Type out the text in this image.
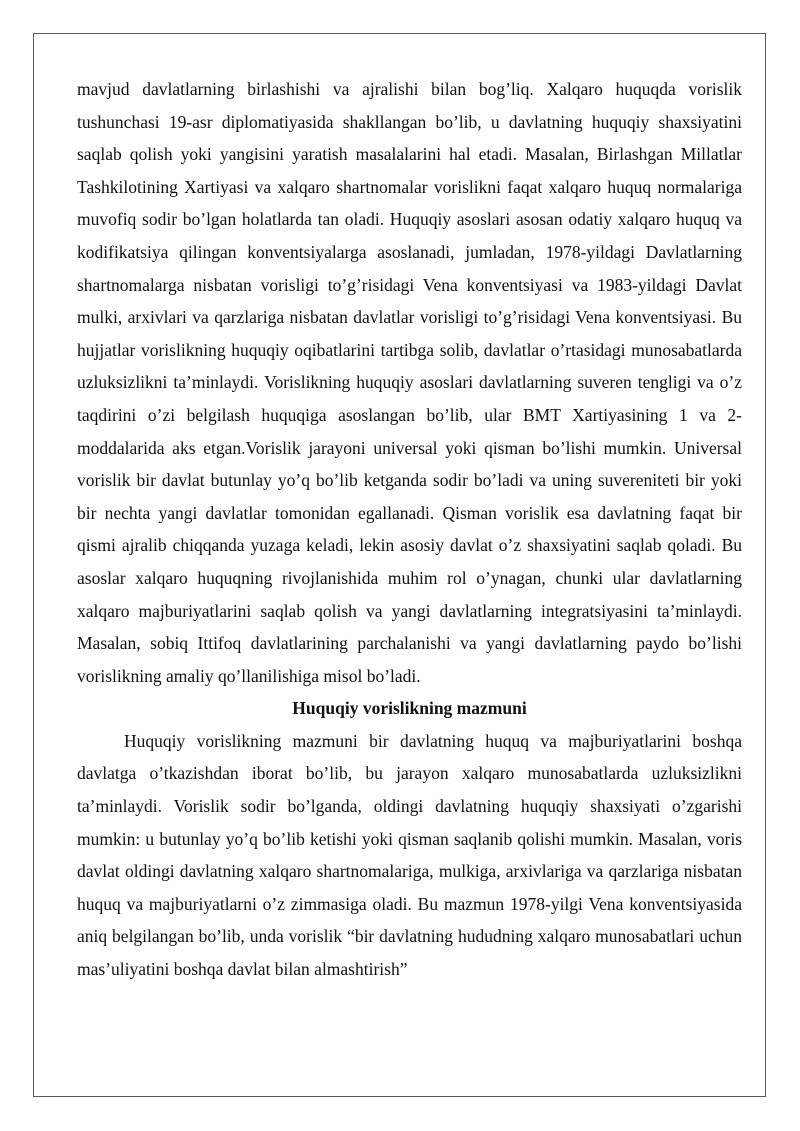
mavjud davlatlarning birlashishi va ajralishi bilan bog’liq. Xalqaro huquqda vorislik tushunchasi 19-asr diplomatiyasida shakllangan bo’lib, u davlatning huquqiy shaxsiyatini saqlab qolish yoki yangisini yaratish masalalarini hal etadi. Masalan, Birlashgan Millatlar Tashkilotining Xartiyasi va xalqaro shartnomalar vorislikni faqat xalqaro huquq normalariga muvofiq sodir bo’lgan holatlarda tan oladi. Huquqiy asoslari asosan odatiy xalqaro huquq va kodifikatsiya qilingan konventsiyalarga asoslanadi, jumladan, 1978-yildagi Davlatlarning shartnomalarga nisbatan vorisligi to’g’risidagi Vena konventsiyasi va 1983-yildagi Davlat mulki, arxivlari va qarzlariga nisbatan davlatlar vorisligi to’g’risidagi Vena konventsiyasi. Bu hujjatlar vorislikning huquqiy oqibatlarini tartibga solib, davlatlar o’rtasidagi munosabatlarda uzluksizlikni ta’minlaydi. Vorislikning huquqiy asoslari davlatlarning suveren tengligi va o’z taqdirini o’zi belgilash huquqiga asoslangan bo’lib, ular BMT Xartiyasining 1 va 2-moddalarida aks etgan.Vorislik jarayoni universal yoki qisman bo’lishi mumkin. Universal vorislik bir davlat butunlay yo’q bo’lib ketganda sodir bo’ladi va uning suvereniteti bir yoki bir nechta yangi davlatlar tomonidan egallanadi. Qisman vorislik esa davlatning faqat bir qismi ajralib chiqqanda yuzaga keladi, lekin asosiy davlat o’z shaxsiyatini saqlab qoladi. Bu asoslar xalqaro huquqning rivojlanishida muhim rol o’ynagan, chunki ular davlatlarning xalqaro majburiyatlarini saqlab qolish va yangi davlatlarning integratsiyasini ta’minlaydi. Masalan, sobiq Ittifoq davlatlarining parchalanishi va yangi davlatlarning paydo bo’lishi vorislikning amaliy qo’llanilishiga misol bo’ladi.

Huquqiy vorislikning mazmuni

Huquqiy vorislikning mazmuni bir davlatning huquq va majburiyatlarini boshqa davlatga o’tkazishdan iborat bo’lib, bu jarayon xalqaro munosabatlarda uzluksizlikni ta’minlaydi. Vorislik sodir bo’lganda, oldingi davlatning huquqiy shaxsiyati o’zgarishi mumkin: u butunlay yo’q bo’lib ketishi yoki qisman saqlanib qolishi mumkin. Masalan, voris davlat oldingi davlatning xalqaro shartnomalariga, mulkiga, arxivlariga va qarzlariga nisbatan huquq va majburiyatlarni o’z zimmasiga oladi. Bu mazmun 1978-yilgi Vena konventsiyasida aniq belgilangan bo’lib, unda vorislik “bir davlatning hududning xalqaro munosabatlari uchun mas’uliyatini boshqa davlat bilan almashtirish”
